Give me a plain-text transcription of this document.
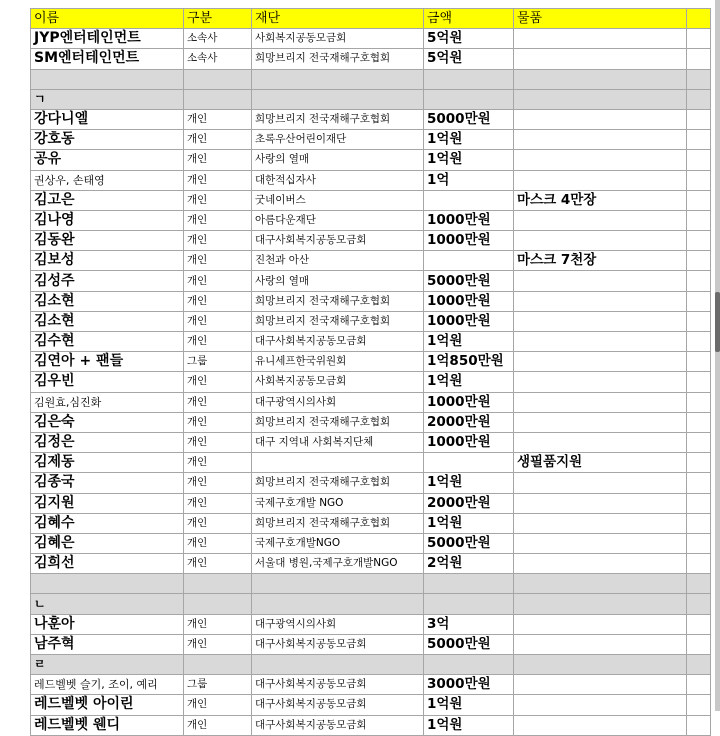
이름	구분	재단	금액	물품	
JYP엔터테인먼트	소속사	사회복지공동모금회	5억원		
SM엔터테인먼트	소속사	희망브리지 전국재해구호협회	5억원		

ㄱ					
강다니엘	개인	희망브리지 전국재해구호협회	5000만원		
강호동	개인	초록우산어린이재단	1억원		
공유	개인	사랑의 열매	1억원		
권상우, 손태영	개인	대한적십자사	1억		
김고은	개인	굿네이버스		마스크 4만장	
김나영	개인	아름다운재단	1000만원		
김동완	개인	대구사회복지공동모금회	1000만원		
김보성	개인	진천과 아산		마스크 7천장	
김성주	개인	사랑의 열매	5000만원		
김소현	개인	희망브리지 전국재해구호협회	1000만원		
김소현	개인	희망브리지 전국재해구호협회	1000만원		
김수현	개인	대구사회복지공동모금회	1억원		
김연아 + 팬들	그룹	유니세프한국위원회	1억850만원		
김우빈	개인	사회복지공동모금회	1억원		
김원효,심진화	개인	대구광역시의사회	1000만원		
김은숙	개인	희망브리지 전국재해구호협회	2000만원		
김정은	개인	대구 지역내 사회복지단체	1000만원		
김제동	개인			생필품지원	
김종국	개인	희망브리지 전국재해구호협회	1억원		
김지원	개인	국제구호개발 NGO	2000만원		
김혜수	개인	희망브리지 전국재해구호협회	1억원		
김혜은	개인	국제구호개발NGO	5000만원		
김희선	개인	서울대 병원,국제구호개발NGO	2억원		

ㄴ					
나훈아	개인	대구광역시의사회	3억		
남주혁	개인	대구사회복지공동모금회	5000만원		
ㄹ					
레드벨벳 슬기, 조이, 예리	그룹	대구사회복지공동모금회	3000만원		
레드벨벳 아이린	개인	대구사회복지공동모금회	1억원		
레드벨벳 웬디	개인	대구사회복지공동모금회	1억원		
